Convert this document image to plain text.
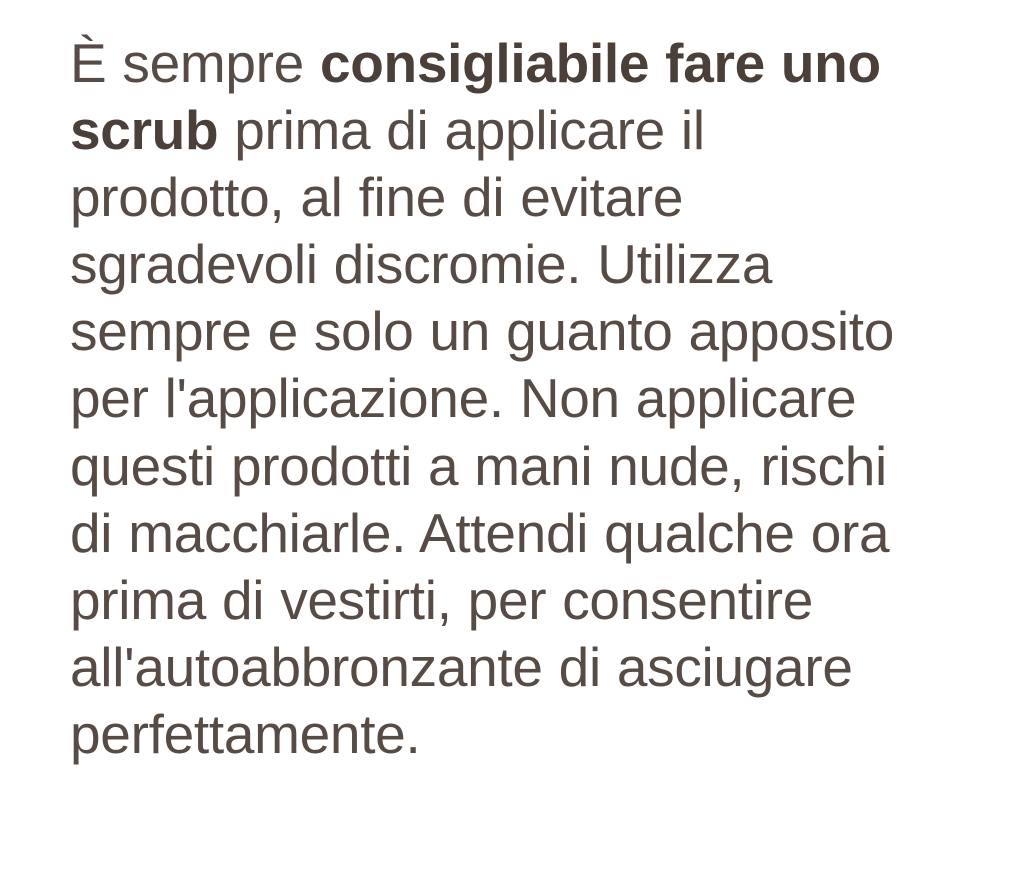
È sempre consigliabile fare uno scrub prima di applicare il prodotto, al fine di evitare sgradevoli discromie. Utilizza sempre e solo un guanto apposito per l'applicazione. Non applicare questi prodotti a mani nude, rischi di macchiarle. Attendi qualche ora prima di vestirti, per consentire all'autoabbronzante di asciugare perfettamente.
